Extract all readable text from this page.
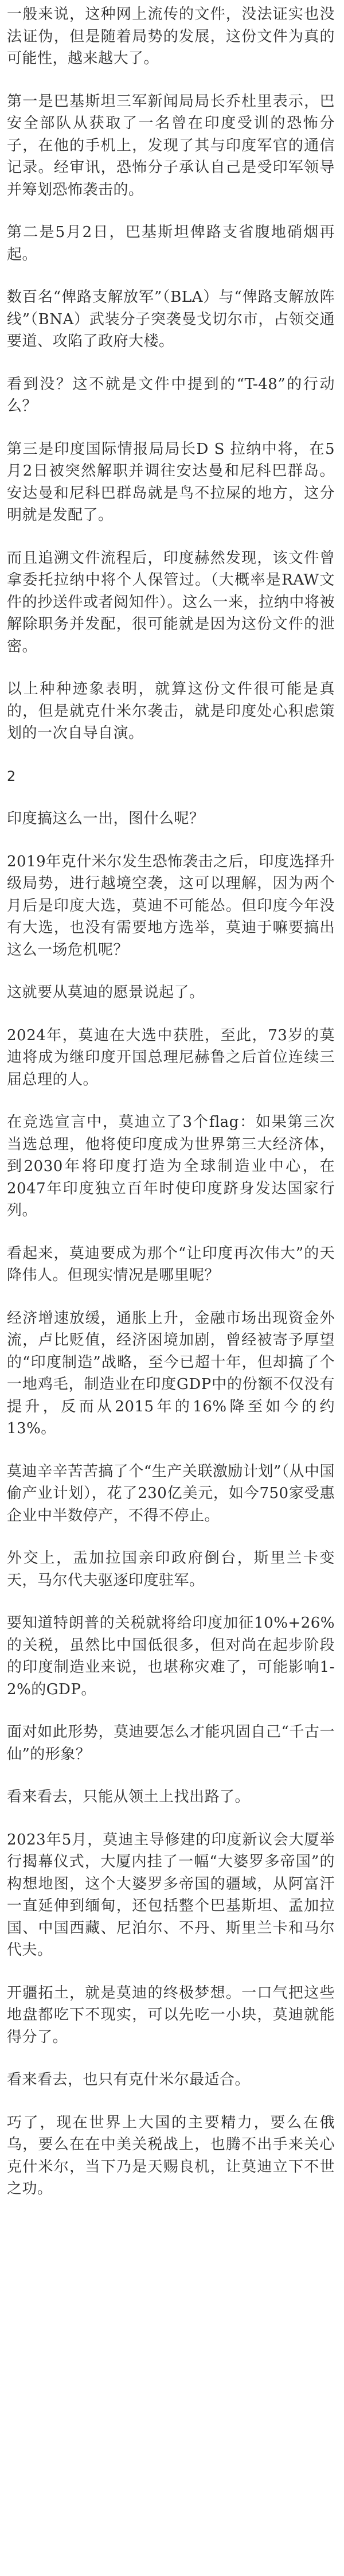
一般来说，这种网上流传的文件，没法证实也没法证伪，但是随着局势的发展，这份文件为真的可能性，越来越大了。

第一是巴基斯坦三军新闻局局长乔杜里表示，巴安全部队从获取了一名曾在印度受训的恐怖分子，在他的手机上，发现了其与印度军官的通信记录。经审讯，恐怖分子承认自己是受印军领导并筹划恐怖袭击的。

第二是5月2日，巴基斯坦俾路支省腹地硝烟再起。

数百名“俾路支解放军”（BLA）与“俾路支解放阵线”（BNA）武装分子突袭曼戈切尔市，占领交通要道、攻陷了政府大楼。

看到没？这不就是文件中提到的“T-48”的行动么？

第三是印度国际情报局局长D S 拉纳中将，在5月2日被突然解职并调往安达曼和尼科巴群岛。安达曼和尼科巴群岛就是鸟不拉屎的地方，这分明就是发配了。

而且追溯文件流程后，印度赫然发现，该文件曾拿委托拉纳中将个人保管过。（大概率是RAW文件的抄送件或者阅知件）。这么一来，拉纳中将被解除职务并发配，很可能就是因为这份文件的泄密。

以上种种迹象表明，就算这份文件很可能是真的，但是就克什米尔袭击，就是印度处心积虑策划的一次自导自演。

2

印度搞这么一出，图什么呢？

2019年克什米尔发生恐怖袭击之后，印度选择升级局势，进行越境空袭，这可以理解，因为两个月后是印度大选，莫迪不可能怂。但印度今年没有大选，也没有需要地方选举，莫迪于嘛要搞出这么一场危机呢？

这就要从莫迪的愿景说起了。

2024年，莫迪在大选中获胜，至此，73岁的莫迪将成为继印度开国总理尼赫鲁之后首位连续三届总理的人。

在竞选宣言中，莫迪立了3个flag：如果第三次当选总理，他将使印度成为世界第三大经济体，到2030年将印度打造为全球制造业中心，在2047年印度独立百年时使印度跻身发达国家行列。

看起来，莫迪要成为那个“让印度再次伟大”的天降伟人。但现实情况是哪里呢？

经济增速放缓，通胀上升，金融市场出现资金外流，卢比贬值，经济困境加剧，曾经被寄予厚望的“印度制造”战略，至今已超十年，但却搞了个一地鸡毛，制造业在印度GDP中的份额不仅没有提升，反而从2015年的16%降至如今的约13%。

莫迪辛辛苦苦搞了个“生产关联激励计划”（从中国偷产业计划），花了230亿美元，如今750家受惠企业中半数停产，不得不停止。

外交上，盂加拉国亲印政府倒台，斯里兰卡变天，马尔代夫驱逐印度驻军。

要知道特朗普的关税就将给印度加征10%+26%的关税，虽然比中国低很多，但对尚在起步阶段的印度制造业来说，也堪称灾难了，可能影响1-2%的GDP。

面对如此形势，莫迪要怎么才能巩固自己“千古一仙”的形象？

看来看去，只能从领土上找出路了。

2023年5月，莫迪主导修建的印度新议会大厦举行揭幕仪式，大厦内挂了一幅“大婆罗多帝国”的构想地图，这个大婆罗多帝国的疆域，从阿富汗一直延伸到缅甸，还包括整个巴基斯坦、孟加拉国、中国西藏、尼泊尔、不丹、斯里兰卡和马尔代夫。

开疆拓土，就是莫迪的终极梦想。一口气把这些地盘都吃下不现实，可以先吃一小块，莫迪就能得分了。

看来看去，也只有克什米尔最适合。

巧了，现在世界上大国的主要精力，要么在俄乌，要么在在中美关税战上，也腾不出手来关心克什米尔，当下乃是天赐良机，让莫迪立下不世之功。
